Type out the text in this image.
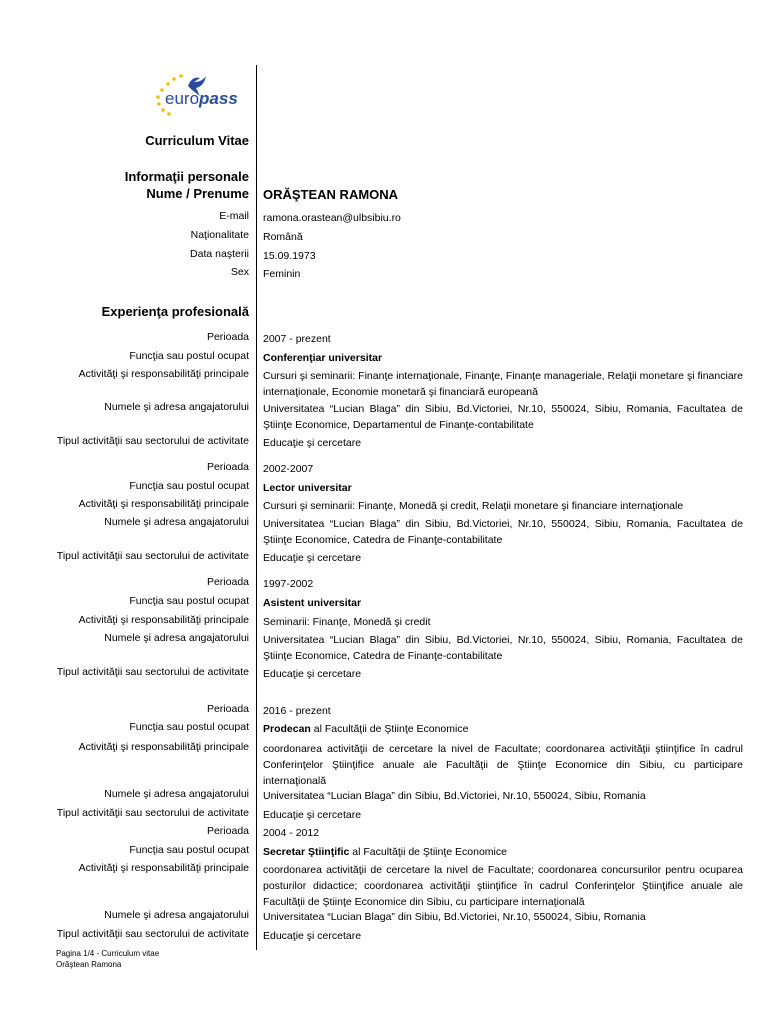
europass
Curriculum Vitae
Informaţii personale
Nume / Prenume ORĂŞTEAN RAMONA
E-mail ramona.orastean@ulbsibiu.ro
Naţionalitate Română
Data naşterii 15.09.1973
Sex Feminin
Experienţa profesională
Perioada 2007 - prezent
Funcţia sau postul ocupat Conferenţiar universitar
Activităţi şi responsabilităţi principale Cursuri şi seminarii: Finanţe internaţionale, Finanţe, Finanţe manageriale, Relaţii monetare şi financiare internaţionale, Economie monetară şi financiară europeană
Numele şi adresa angajatorului Universitatea “Lucian Blaga” din Sibiu, Bd.Victoriei, Nr.10, 550024, Sibiu, Romania, Facultatea de Ştiinţe Economice, Departamentul de Finanţe-contabilitate
Tipul activităţii sau sectorului de activitate Educaţie şi cercetare
Perioada 2002-2007
Funcţia sau postul ocupat Lector universitar
Activităţi şi responsabilităţi principale Cursuri şi seminarii: Finanţe, Monedă şi credit, Relaţii monetare şi financiare internaţionale
Numele şi adresa angajatorului Universitatea “Lucian Blaga” din Sibiu, Bd.Victoriei, Nr.10, 550024, Sibiu, Romania, Facultatea de Ştiinţe Economice, Catedra de Finanţe-contabilitate
Tipul activităţii sau sectorului de activitate Educaţie şi cercetare
Perioada 1997-2002
Funcţia sau postul ocupat Asistent universitar
Activităţi şi responsabilităţi principale Seminarii: Finanţe, Monedă şi credit
Numele şi adresa angajatorului Universitatea “Lucian Blaga” din Sibiu, Bd.Victoriei, Nr.10, 550024, Sibiu, Romania, Facultatea de Ştiinţe Economice, Catedra de Finanţe-contabilitate
Tipul activităţii sau sectorului de activitate Educaţie şi cercetare
Perioada 2016 - prezent
Funcţia sau postul ocupat Prodecan al Facultăţii de Ştiinţe Economice
Activităţi şi responsabilităţi principale coordonarea activităţii de cercetare la nivel de Facultate; coordonarea activităţii ştiinţifice în cadrul Conferinţelor Ştiinţifice anuale ale Facultăţii de Ştiinţe Economice din Sibiu, cu participare internaţională
Numele şi adresa angajatorului Universitatea “Lucian Blaga” din Sibiu, Bd.Victoriei, Nr.10, 550024, Sibiu, Romania
Tipul activităţii sau sectorului de activitate Educaţie şi cercetare
Perioada 2004 - 2012
Funcţia sau postul ocupat Secretar Ştiinţific al Facultăţii de Ştiinţe Economice
Activităţi şi responsabilităţi principale coordonarea activităţii de cercetare la nivel de Facultate; coordonarea concursurilor pentru ocuparea posturilor didactice; coordonarea activităţii ştiinţifice în cadrul Conferinţelor Ştiinţifice anuale ale Facultăţii de Ştiinţe Economice din Sibiu, cu participare internaţională
Numele şi adresa angajatorului Universitatea “Lucian Blaga” din Sibiu, Bd.Victoriei, Nr.10, 550024, Sibiu, Romania
Tipul activităţii sau sectorului de activitate Educaţie şi cercetare
Pagina 1/4 - Curriculum vitae
Orăştean Ramona
